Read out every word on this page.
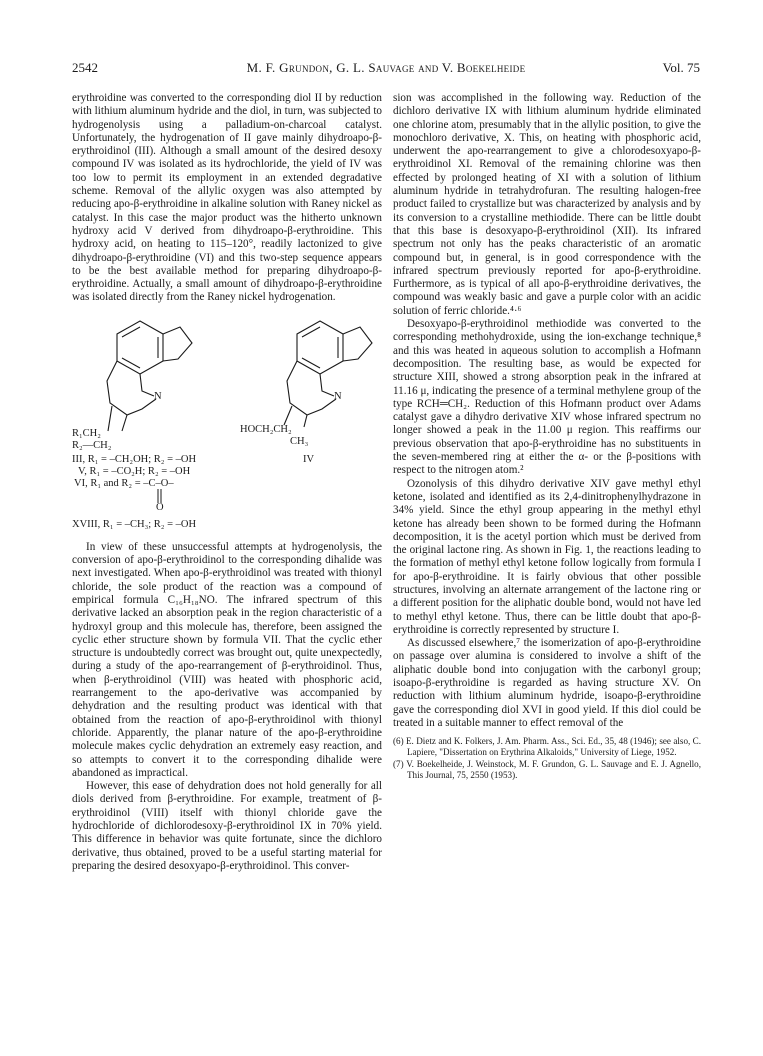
2542	M. F. Grundon, G. L. Sauvage and V. Boekelheide	Vol. 75

erythroidine was converted to the corresponding diol II by reduction with lithium aluminum hydride and the diol, in turn, was subjected to hydrogenolysis using a palladium-on-charcoal catalyst. Unfortunately, the hydrogenation of II gave mainly dihydroapo-β-erythroidinol (III). Although a small amount of the desired desoxy compound IV was isolated as its hydrochloride, the yield of IV was too low to permit its employment in an extended degradative scheme. Removal of the allylic oxygen was also attempted by reducing apo-β-erythroidine in alkaline solution with Raney nickel as catalyst. In this case the major product was the hitherto unknown hydroxy acid V derived from dihydroapo-β-erythroidine. This hydroxy acid, on heating to 115–120°, readily lactonized to give dihydroapo-β-erythroidine (VI) and this two-step sequence appears to be the best available method for preparing dihydroapo-β-erythroidine. Actually, a small amount of dihydroapo-β-erythroidine was isolated directly from the Raney nickel hydrogenation.

N	N
R₁CH₂
R₂—CH₂
HOCH₂CH₂
CH₃
III, R₁ = –CH₂OH; R₂ = –OH
V, R₁ = –CO₂H; R₂ = –OH
VI, R₁ and R₂ = –C–O–
IV
O
XVIII, R₁ = –CH₃; R₂ = –OH

In view of these unsuccessful attempts at hydrogenolysis, the conversion of apo-β-erythroidinol to the corresponding dihalide was next investigated. When apo-β-erythroidinol was treated with thionyl chloride, the sole product of the reaction was a compound of empirical formula C₁₆H₁₈NO. The infrared spectrum of this derivative lacked an absorption peak in the region characteristic of a hydroxyl group and this molecule has, therefore, been assigned the cyclic ether structure shown by formula VII. That the cyclic ether structure is undoubtedly correct was brought out, quite unexpectedly, during a study of the apo-rearrangement of β-erythroidinol. Thus, when β-erythroidinol (VIII) was heated with phosphoric acid, rearrangement to the apo-derivative was accompanied by dehydration and the resulting product was identical with that obtained from the reaction of apo-β-erythroidinol with thionyl chloride. Apparently, the planar nature of the apo-β-erythroidine molecule makes cyclic dehydration an extremely easy reaction, and so attempts to convert it to the corresponding dihalide were abandoned as impractical.

However, this ease of dehydration does not hold generally for all diols derived from β-erythroidine. For example, treatment of β-erythroidinol (VIII) itself with thionyl chloride gave the hydrochloride of dichlorodesoxy-β-erythroidinol IX in 70% yield. This difference in behavior was quite fortunate, since the dichloro derivative, thus obtained, proved to be a useful starting material for preparing the desired desoxyapo-β-erythroidinol. This conver-

sion was accomplished in the following way. Reduction of the dichloro derivative IX with lithium aluminum hydride eliminated one chlorine atom, presumably that in the allylic position, to give the monochloro derivative, X. This, on heating with phosphoric acid, underwent the apo-rearrangement to give a chlorodesoxyapo-β-erythroidinol XI. Removal of the remaining chlorine was then effected by prolonged heating of XI with a solution of lithium aluminum hydride in tetrahydrofuran. The resulting halogen-free product failed to crystallize but was characterized by analysis and by its conversion to a crystalline methiodide. There can be little doubt that this base is desoxyapo-β-erythroidinol (XII). Its infrared spectrum not only has the peaks characteristic of an aromatic compound but, in general, is in good correspondence with the infrared spectrum previously reported for apo-β-erythroidine. Furthermore, as is typical of all apo-β-erythroidine derivatives, the compound was weakly basic and gave a purple color with an acidic solution of ferric chloride.⁴·⁶

Desoxyapo-β-erythroidinol methiodide was converted to the corresponding methohydroxide, using the ion-exchange technique,⁸ and this was heated in aqueous solution to accomplish a Hofmann decomposition. The resulting base, as would be expected for structure XIII, showed a strong absorption peak in the infrared at 11.16 μ, indicating the presence of a terminal methylene group of the type RCH═CH₂. Reduction of this Hofmann product over Adams catalyst gave a dihydro derivative XIV whose infrared spectrum no longer showed a peak in the 11.00 μ region. This reaffirms our previous observation that apo-β-erythroidine has no substituents in the seven-membered ring at either the α- or the β-positions with respect to the nitrogen atom.²

Ozonolysis of this dihydro derivative XIV gave methyl ethyl ketone, isolated and identified as its 2,4-dinitrophenylhydrazone in 34% yield. Since the ethyl group appearing in the methyl ethyl ketone has already been shown to be formed during the Hofmann decomposition, it is the acetyl portion which must be derived from the original lactone ring. As shown in Fig. 1, the reactions leading to the formation of methyl ethyl ketone follow logically from formula I for apo-β-erythroidine. It is fairly obvious that other possible structures, involving an alternate arrangement of the lactone ring or a different position for the aliphatic double bond, would not have led to methyl ethyl ketone. Thus, there can be little doubt that apo-β-erythroidine is correctly represented by structure I.

As discussed elsewhere,⁷ the isomerization of apo-β-erythroidine on passage over alumina is considered to involve a shift of the aliphatic double bond into conjugation with the carbonyl group; isoapo-β-erythroidine is regarded as having structure XV. On reduction with lithium aluminum hydride, isoapo-β-erythroidine gave the corresponding diol XVI in good yield. If this diol could be treated in a suitable manner to effect removal of the

(6) E. Dietz and K. Folkers, J. Am. Pharm. Ass., Sci. Ed., 35, 48 (1946); see also, C. Lapiere, "Dissertation on Erythrina Alkaloids," University of Liege, 1952.

(7) V. Boekelheide, J. Weinstock, M. F. Grundon, G. L. Sauvage and E. J. Agnello, This Journal, 75, 2550 (1953).
